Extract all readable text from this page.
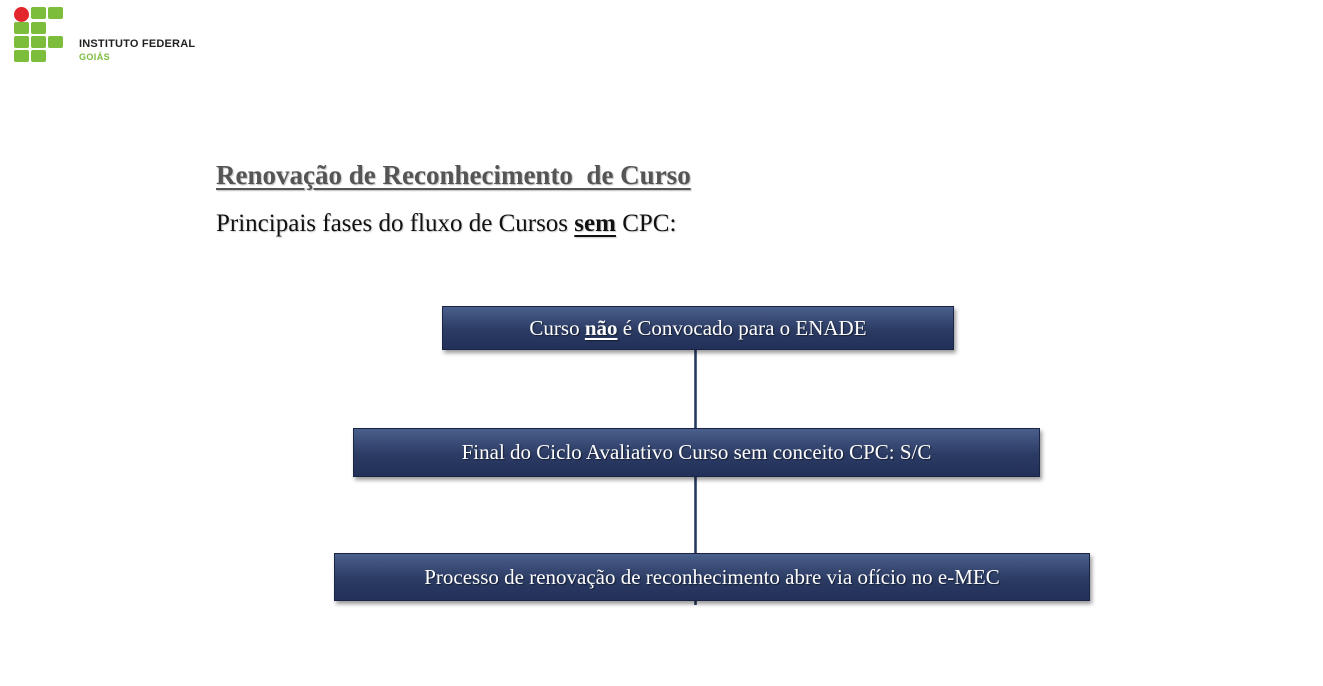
INSTITUTO FEDERAL
GOIÁS
Renovação de Reconhecimento  de Curso
Principais fases do fluxo de Cursos sem CPC:
Curso não é Convocado para o ENADE
Final do Ciclo Avaliativo Curso sem conceito CPC: S/C
Processo de renovação de reconhecimento abre via ofício no e-MEC
